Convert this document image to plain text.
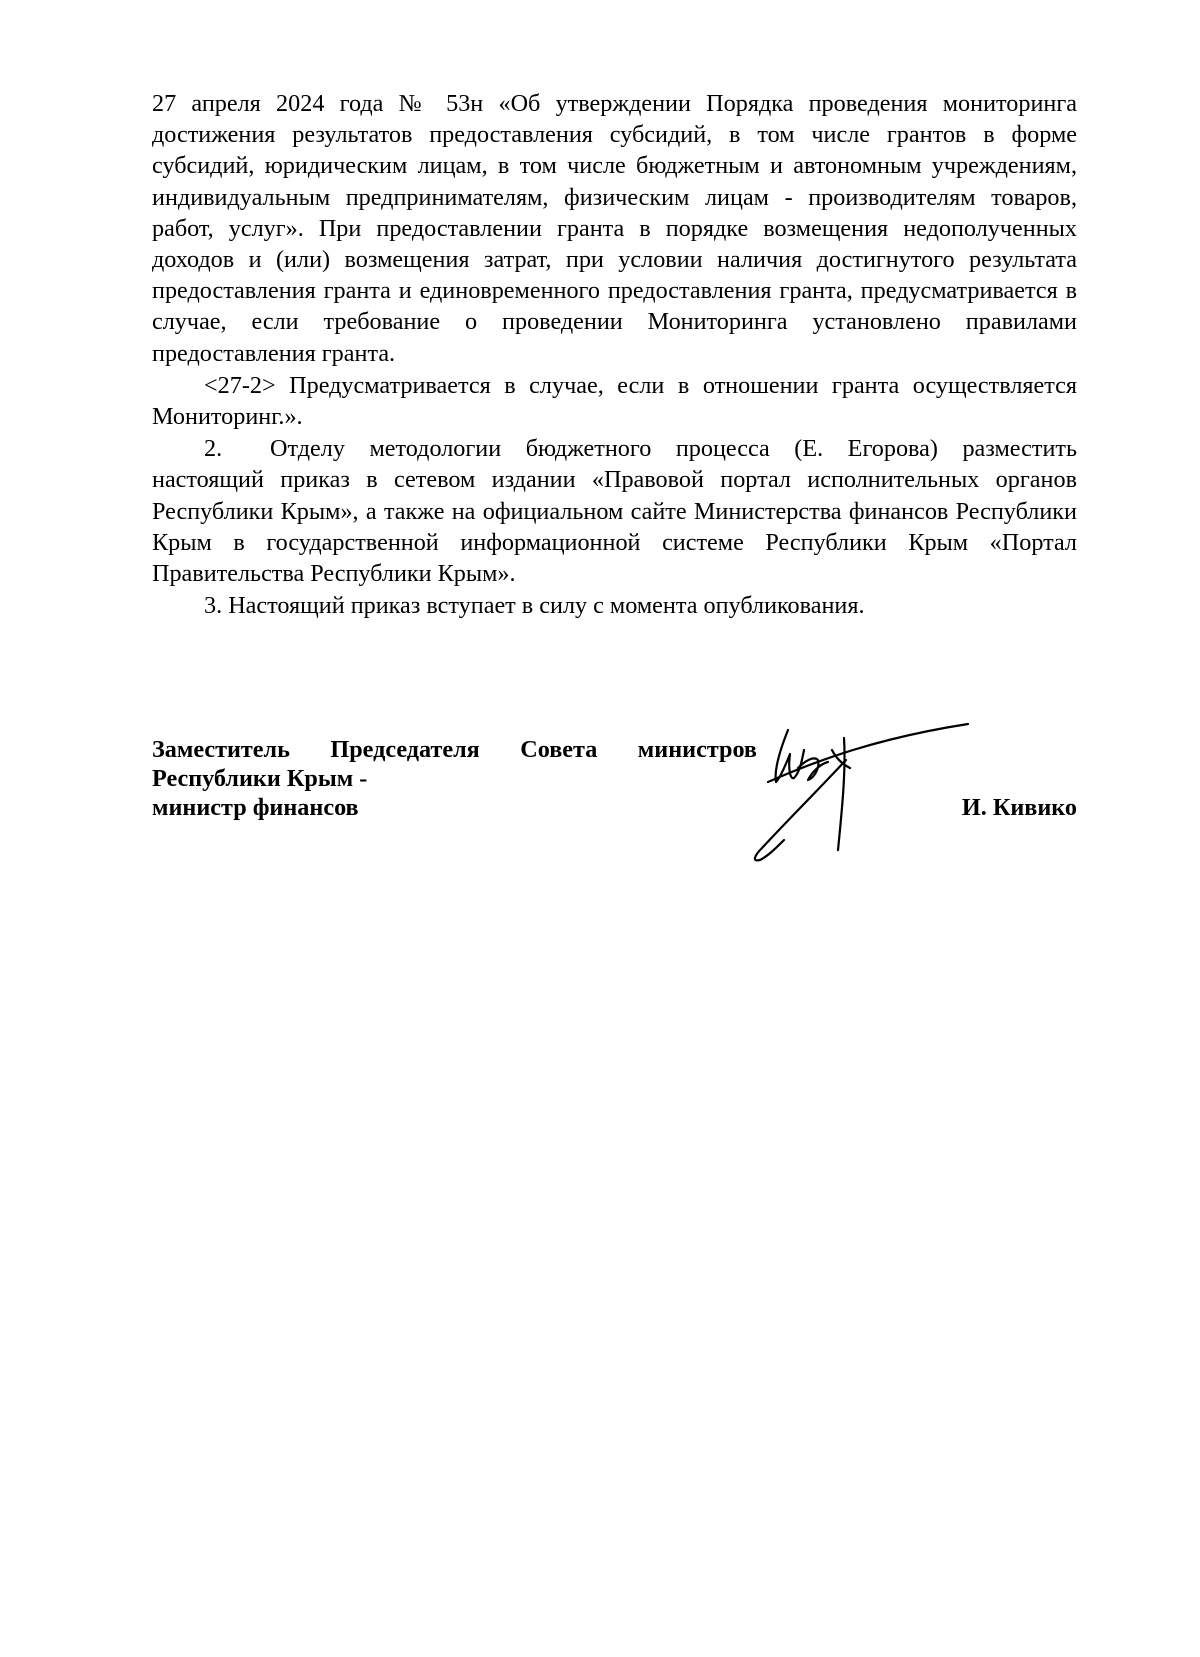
27 апреля 2024 года № 53н «Об утверждении Порядка проведения мониторинга достижения результатов предоставления субсидий, в том числе грантов в форме субсидий, юридическим лицам, в том числе бюджетным и автономным учреждениям, индивидуальным предпринимателям, физическим лицам - производителям товаров, работ, услуг». При предоставлении гранта в порядке возмещения недополученных доходов и (или) возмещения затрат, при условии наличия достигнутого результата предоставления гранта и единовременного предоставления гранта, предусматривается в случае, если требование о проведении Мониторинга установлено правилами предоставления гранта.

<27-2> Предусматривается в случае, если в отношении гранта осуществляется Мониторинг.».

2. Отделу методологии бюджетного процесса (Е. Егорова) разместить настоящий приказ в сетевом издании «Правовой портал исполнительных органов Республики Крым», а также на официальном сайте Министерства финансов Республики Крым в государственной информационной системе Республики Крым «Портал Правительства Республики Крым».

3. Настоящий приказ вступает в силу с момента опубликования.

Заместитель Председателя Совета министров

Республики Крым -

министр финансов	И. Кивико
